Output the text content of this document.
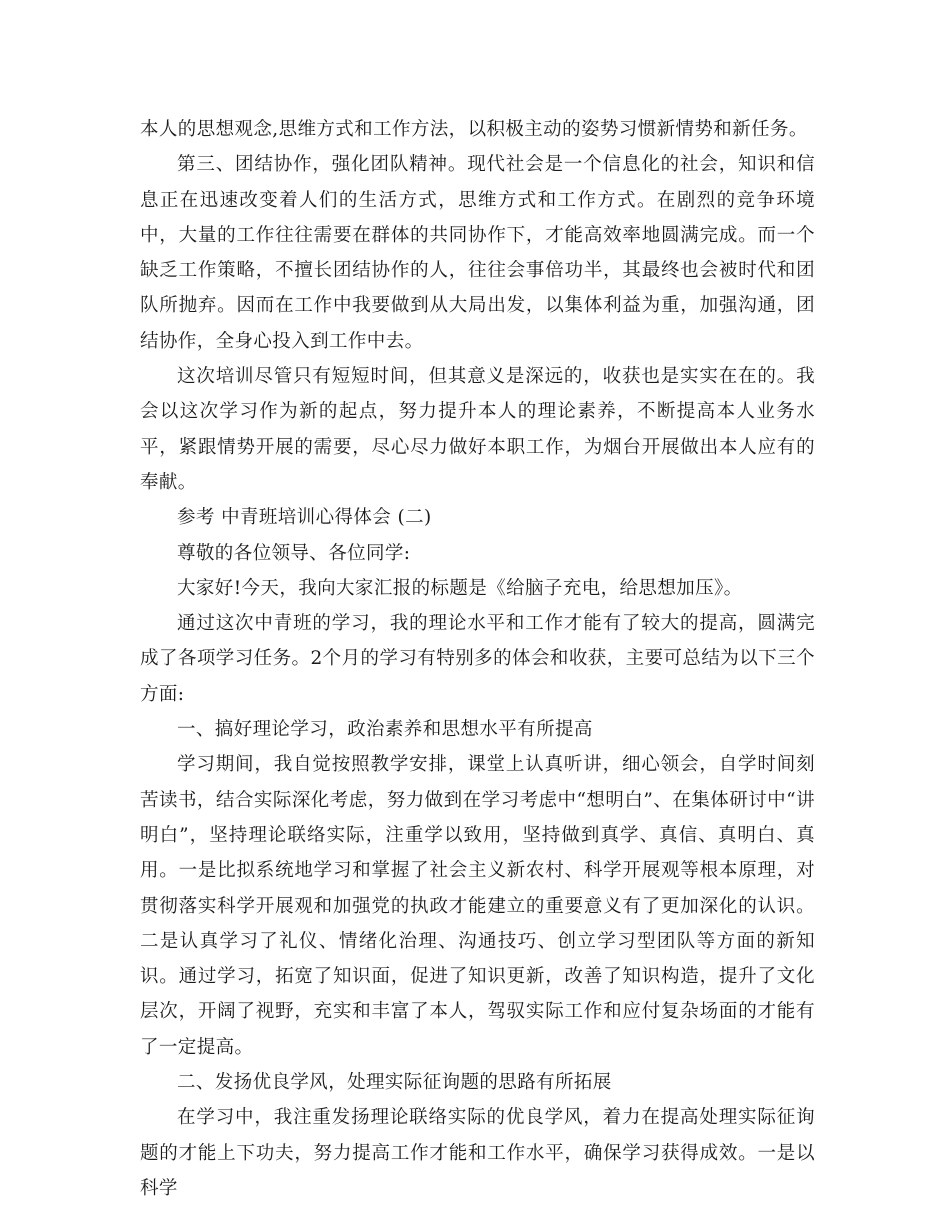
本人的思想观念,思维方式和工作方法，以积极主动的姿势习惯新情势和新任务。

第三、团结协作，强化团队精神。现代社会是一个信息化的社会，知识和信息正在迅速改变着人们的生活方式，思维方式和工作方式。在剧烈的竞争环境中，大量的工作往往需要在群体的共同协作下，才能高效率地圆满完成。而一个缺乏工作策略，不擅长团结协作的人，往往会事倍功半，其最终也会被时代和团队所抛弃。因而在工作中我要做到从大局出发，以集体利益为重，加强沟通，团结协作，全身心投入到工作中去。

这次培训尽管只有短短时间，但其意义是深远的，收获也是实实在在的。我会以这次学习作为新的起点，努力提升本人的理论素养，不断提高本人业务水平，紧跟情势开展的需要，尽心尽力做好本职工作，为烟台开展做出本人应有的奉献。

参考 中青班培训心得体会 (二)

尊敬的各位领导、各位同学:

大家好!今天，我向大家汇报的标题是《给脑子充电，给思想加压》。

通过这次中青班的学习，我的理论水平和工作才能有了较大的提高，圆满完成了各项学习任务。2个月的学习有特别多的体会和收获，主要可总结为以下三个方面:

一、搞好理论学习，政治素养和思想水平有所提高

学习期间，我自觉按照教学安排，课堂上认真听讲，细心领会，自学时间刻苦读书，结合实际深化考虑，努力做到在学习考虑中“想明白”、在集体研讨中“讲明白”，坚持理论联络实际，注重学以致用，坚持做到真学、真信、真明白、真用。一是比拟系统地学习和掌握了社会主义新农村、科学开展观等根本原理，对贯彻落实科学开展观和加强党的执政才能建立的重要意义有了更加深化的认识。二是认真学习了礼仪、情绪化治理、沟通技巧、创立学习型团队等方面的新知识。通过学习，拓宽了知识面，促进了知识更新，改善了知识构造，提升了文化层次，开阔了视野，充实和丰富了本人，驾驭实际工作和应付复杂场面的才能有了一定提高。

二、发扬优良学风，处理实际征询题的思路有所拓展

在学习中，我注重发扬理论联络实际的优良学风，着力在提高处理实际征询题的才能上下功夫，努力提高工作才能和工作水平，确保学习获得成效。一是以科学
